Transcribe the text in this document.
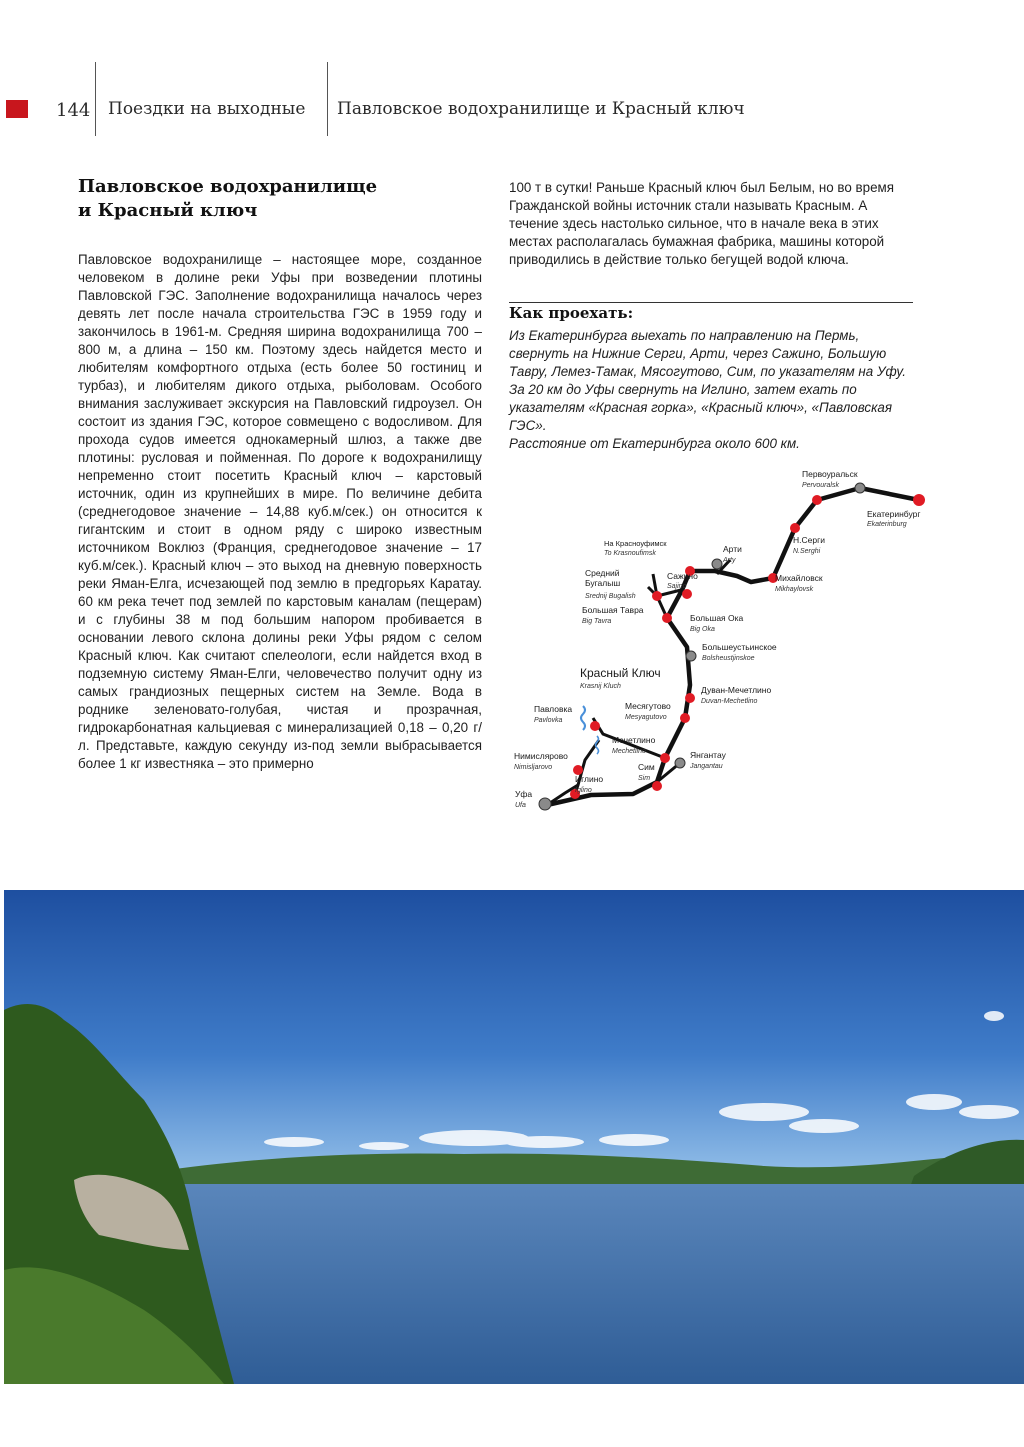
144 Поездки на выходные Павловское водохранилище и Красный ключ
Павловское водохранилище
и Красный ключ

Павловское водохранилище – настоящее море, созданное человеком в долине реки Уфы при возведении плотины Павловской ГЭС. Заполнение водохранилища началось через девять лет после начала строительства ГЭС в 1959 году и закончилось в 1961-м. Средняя ширина водохранилища 700 – 800 м, а длина – 150 км. Поэтому здесь найдется место и любителям комфортного отдыха (есть более 50 гостиниц и турбаз), и любителям дикого отдыха, рыболовам. Особого внимания заслуживает экскурсия на Павловский гидроузел. Он состоит из здания ГЭС, которое совмещено с водосливом. Для прохода судов имеется однокамерный шлюз, а также две плотины: русловая и пойменная. По дороге к водохранилищу непременно стоит посетить Красный ключ – карстовый источник, один из крупнейших в мире. По величине дебита (среднегодовое значение – 14,88 куб.м/сек.) он относится к гигантским и стоит в одном ряду с широко известным источником Воклюз (Франция, среднегодовое значение – 17 куб.м/сек.). Красный ключ – это выход на дневную поверхность реки Яман-Елга, исчезающей под землю в предгорьях Каратау. 60 км река течет под землей по карстовым каналам (пещерам) и с глубины 38 м под большим напором пробивается в основании левого склона долины реки Уфы рядом с селом Красный ключ. Как считают спелеологи, если найдется вход в подземную систему Яман-Елги, человечество получит одну из самых грандиозных пещерных систем на Земле. Вода в роднике зеленовато-голубая, чистая и прозрачная, гидрокарбонатная кальциевая с минерализацией 0,18 – 0,20 г/л. Представьте, каждую секунду из-под земли выбрасывается более 1 кг известняка – это примерно

100 т в сутки! Раньше Красный ключ был Белым, но во время Гражданской войны источник стали называть Красным. А течение здесь настолько сильное, что в начале века в этих местах располагалась бумажная фабрика, машины которой приводились в действие только бегущей водой ключа.

Как проехать:

Из Екатеринбурга выехать по направлению на Пермь, свернуть на Нижние Серги, Арти, через Сажино, Большую Тавру, Лемез-Тамак, Мясогутово, Сим, по указателям на Уфу. За 20 км до Уфы свернуть на Иглино, затем ехать по указателям «Красная горка», «Красный ключ», «Павловская ГЭС».

Расстояние от Екатеринбурга около 600 км.

Первоуральск
Pervouralsk
Екатеринбург
Ekaterinburg
Н.Серги
N.Serghi
Михайловск
Mikhaylovsk
Арти
Arty
Сажино
Sajino
На Красноуфимск
To Krasnoufimsk
Средний Бугалыш
Srednij Bugalish
Большая Тавра
Big Tavra	Большая Ока
Big Oka
Большеустьинское
Bolsheustjinskoe
Красный Ключ
Krasnij Kluch	Дуван-Мечетлино
Duvan-Mechetlino
Павловка
Pavlovka
Месягутово
Mesyagutovo
Мечетлино
Mechetlino
Нимислярово
Nimisljarovo
Янгантау
Jangantau
Сим
Sim
Иглино
Iglino
Уфа
Ufa
